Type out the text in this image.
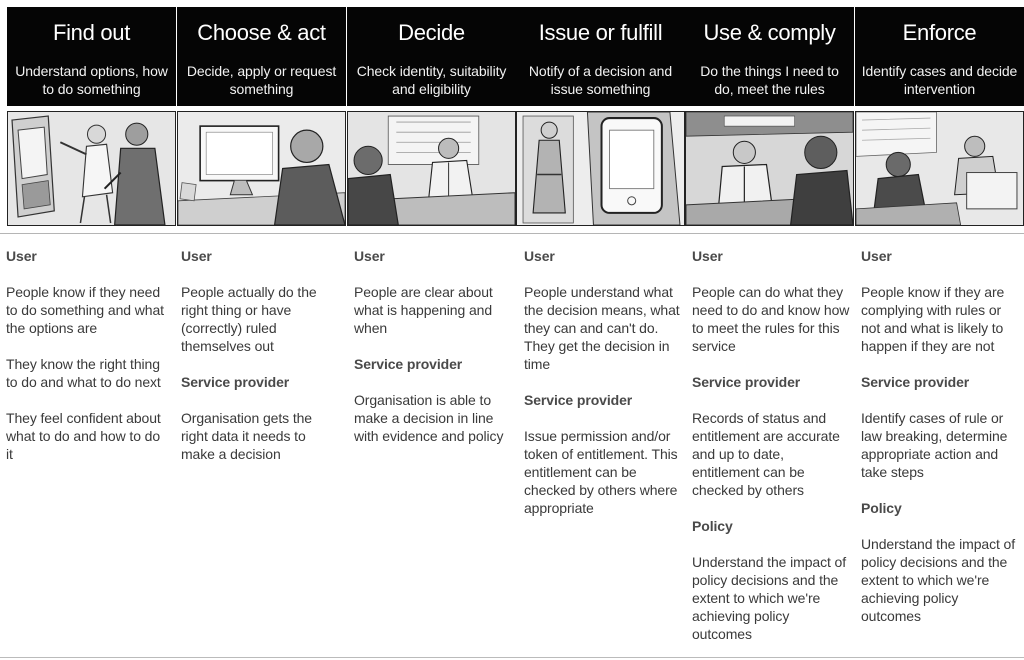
Find out
Understand options, how to do something
Choose & act
Decide, apply or request something
Decide
Check identity, suitability and eligibility
Issue or fulfill
Notify of a decision and issue something
Use & comply
Do the things I need to do, meet the rules
Enforce
Identify cases and decide intervention
User

People know if they need to do something and what the options are

They know the right thing to do and what to do next

They feel confident about what to do and how to do it

User

People actually do the right thing or have (correctly) ruled themselves out

Service provider

Organisation gets the right data it needs to make a decision

User

People are clear about what is happening and when

Service provider

Organisation is able to make a decision in line with evidence and policy

User

People understand what the decision means, what they can and can't do. They get the decision in time

Service provider

Issue permission and/or token of entitlement. This entitlement can be checked by others where appropriate

User

People can do what they need to do and know how to meet the rules for this service

Service provider

Records of status and entitlement are accurate and up to date, entitlement can be checked by others

Policy

Understand the impact of policy decisions and the extent to which we're achieving policy outcomes

User

People know if they are complying with rules or not and what is likely to happen if they are not

Service provider

Identify cases of rule or law breaking, determine appropriate action and take steps

Policy

Understand the impact of policy decisions and the extent to which we're achieving policy outcomes
